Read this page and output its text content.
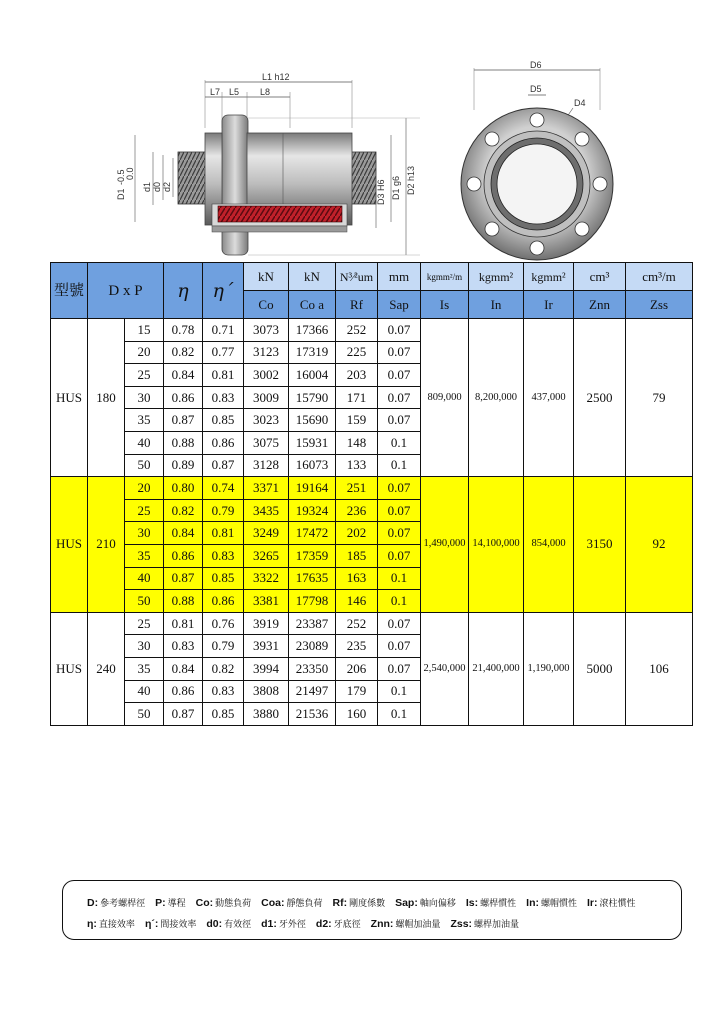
L1 h12
L7 L5 L8
D1
-0.5 0.0
d1 d0 d2	D3 H6 D1 g6 D2 h13
D6
D5
D4
型號	D x P		η	η´	kN	kN	N³⁄²um	mm	kgmm²/m	kgmm²	kgmm²	cm³	cm³/m
					Co	Co a	Rf	Sap	Is	In	Ir	Znn	Zss
HUS	180	15	0.78	0.71	3073	17366	252	0.07	809,000	8,200,000	437,000	2500	79
		20	0.82	0.77	3123	17319	225	0.07					
		25	0.84	0.81	3002	16004	203	0.07					
		30	0.86	0.83	3009	15790	171	0.07					
		35	0.87	0.85	3023	15690	159	0.07					
		40	0.88	0.86	3075	15931	148	0.1					
		50	0.89	0.87	3128	16073	133	0.1					
HUS	210	20	0.80	0.74	3371	19164	251	0.07	1,490,000	14,100,000	854,000	3150	92
		25	0.82	0.79	3435	19324	236	0.07					
		30	0.84	0.81	3249	17472	202	0.07					
		35	0.86	0.83	3265	17359	185	0.07					
		40	0.87	0.85	3322	17635	163	0.1					
		50	0.88	0.86	3381	17798	146	0.1					
HUS	240	25	0.81	0.76	3919	23387	252	0.07	2,540,000	21,400,000	1,190,000	5000	106
		30	0.83	0.79	3931	23089	235	0.07					
		35	0.84	0.82	3994	23350	206	0.07					
		40	0.86	0.83	3808	21497	179	0.1					
		50	0.87	0.85	3880	21536	160	0.1					
D: 參考螺桿徑 P: 導程 Co: 動態負荷 Coa: 靜態負荷 Rf: 剛度係數 Sap: 軸向偏移 Is: 螺桿慣性 In: 螺帽慣性 Ir: 滾柱慣性
η: 直接效率 η´: 間接效率 d0: 有效徑 d1: 牙外徑 d2: 牙底徑 Znn: 螺帽加油量 Zss: 螺桿加油量
